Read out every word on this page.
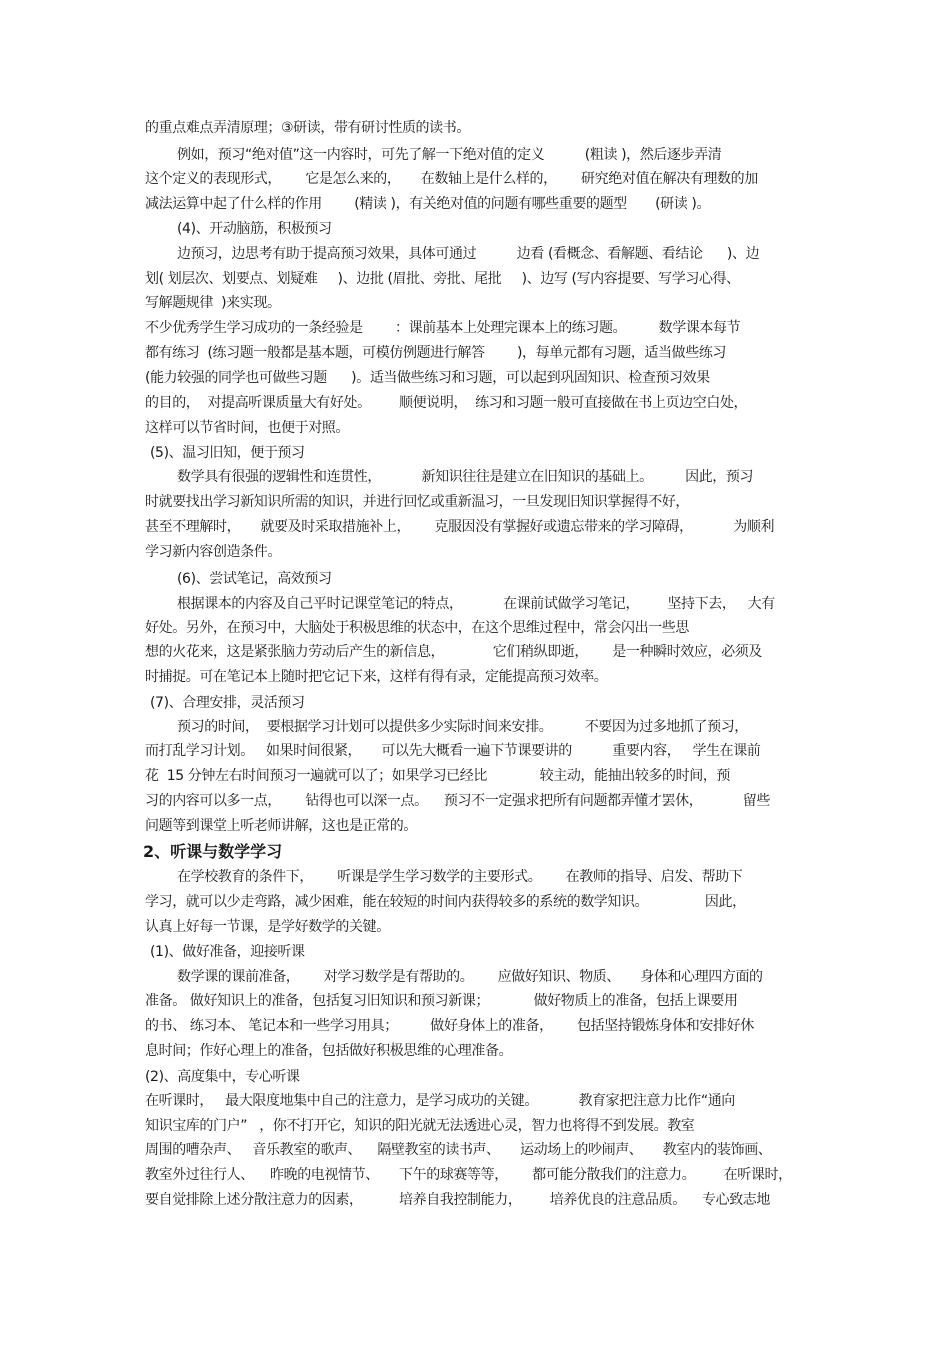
的重点难点弄清原理；③研读，带有研讨性质的读书。
例如，预习“绝对值”这一内容时，可先了解一下绝对值的定义          (粗读 )，然后逐步弄清
这个定义的表现形式，      它是怎么来的，     在数轴上是什么样的，      研究绝对值在解决有理数的加
减法运算中起了什么样的作用        (精读 )，有关绝对值的问题有哪些重要的题型       (研读 )。
(4)、开动脑筋，积极预习
边预习，边思考有助于提高预习效果，具体可通过          边看 (看概念、看解题、看结论      )、边
划( 划层次、划要点、划疑难     )、边批 (眉批、旁批、尾批     )、边写 (写内容提要、写学习心得、
写解题规律  )来实现。
不少优秀学生学习成功的一条经验是        ：课前基本上处理完课本上的练习题。        数学课本每节
都有练习  (练习题一般都是基本题，可模仿例题进行解答        )，每单元都有习题，适当做些练习
(能力较强的同学也可做些习题      )。适当做些练习和习题，可以起到巩固知识、检查预习效果
的目的，  对提高听课质量大有好处。       顺便说明，  练习和习题一般可直接做在书上页边空白处，
这样可以节省时间，也便于对照。
(5)、温习旧知，便于预习
数学具有很强的逻辑性和连贯性，          新知识往往是建立在旧知识的基础上。        因此，预习
时就要找出学习新知识所需的知识，并进行回忆或重新温习，一旦发现旧知识掌握得不好，
甚至不理解时，     就要及时采取措施补上，      克服因没有掌握好或遗忘带来的学习障碍，          为顺利
学习新内容创造条件。
(6)、尝试笔记，高效预习
根据课本的内容及自己平时记课堂笔记的特点，          在课前试做学习笔记，       坚持下去，   大有
好处。另外，在预习中，大脑处于积极思维的状态中，在这个思维过程中，常会闪出一些思
想的火花来，这是紧张脑力劳动后产生的新信息，            它们稍纵即逝，      是一种瞬时效应，必须及
时捕捉。可在笔记本上随时把它记下来，这样有得有录，定能提高预习效率。
(7)、合理安排，灵活预习
预习的时间，  要根据学习计划可以提供多少实际时间来安排。        不要因为过多地抓了预习，
而打乱学习计划。   如果时间很紧，     可以先大概看一遍下节课要讲的          重要内容，   学生在课前
花  15 分钟左右时间预习一遍就可以了；如果学习已经比             较主动，能抽出较多的时间，预
习的内容可以多一点，      钻得也可以深一点。    预习不一定强求把所有问题都弄懂才罢休，          留些
问题等到课堂上听老师讲解，这也是正常的。
2、听课与数学学习
在学校教育的条件下，      听课是学生学习数学的主要形式。      在教师的指导、启发、帮助下
学习，就可以少走弯路，减少困难，能在较短的时间内获得较多的系统的数学知识。              因此，
认真上好每一节课，是学好数学的关键。
(1)、做好准备，迎接听课
数学课的课前准备，      对学习数学是有帮助的。      应做好知识、物质、     身体和心理四方面的
准备。 做好知识上的准备，包括复习旧知识和预习新课；           做好物质上的准备，包括上课要用
的书、 练习本、 笔记本和一些学习用具；        做好身体上的准备，      包括坚持锻炼身体和安排好休
息时间；作好心理上的准备，包括做好积极思维的心理准备。
(2)、高度集中，专心听课
在听课时，   最大限度地集中自己的注意力，是学习成功的关键。          教育家把注意力比作“通向
知识宝库的门户”   ，你不打开它，知识的阳光就无法透进心灵，智力也将得不到发展。教室
周围的嘈杂声、   音乐教室的歌声、    隔壁教室的读书声、     运动场上的吵闹声、     教室内的装饰画、
教室外过往行人、    昨晚的电视情节、     下午的球赛等等，      都可能分散我们的注意力。       在听课时，
要自觉排除上述分散注意力的因素，         培养自我控制能力，       培养优良的注意品质。    专心致志地
